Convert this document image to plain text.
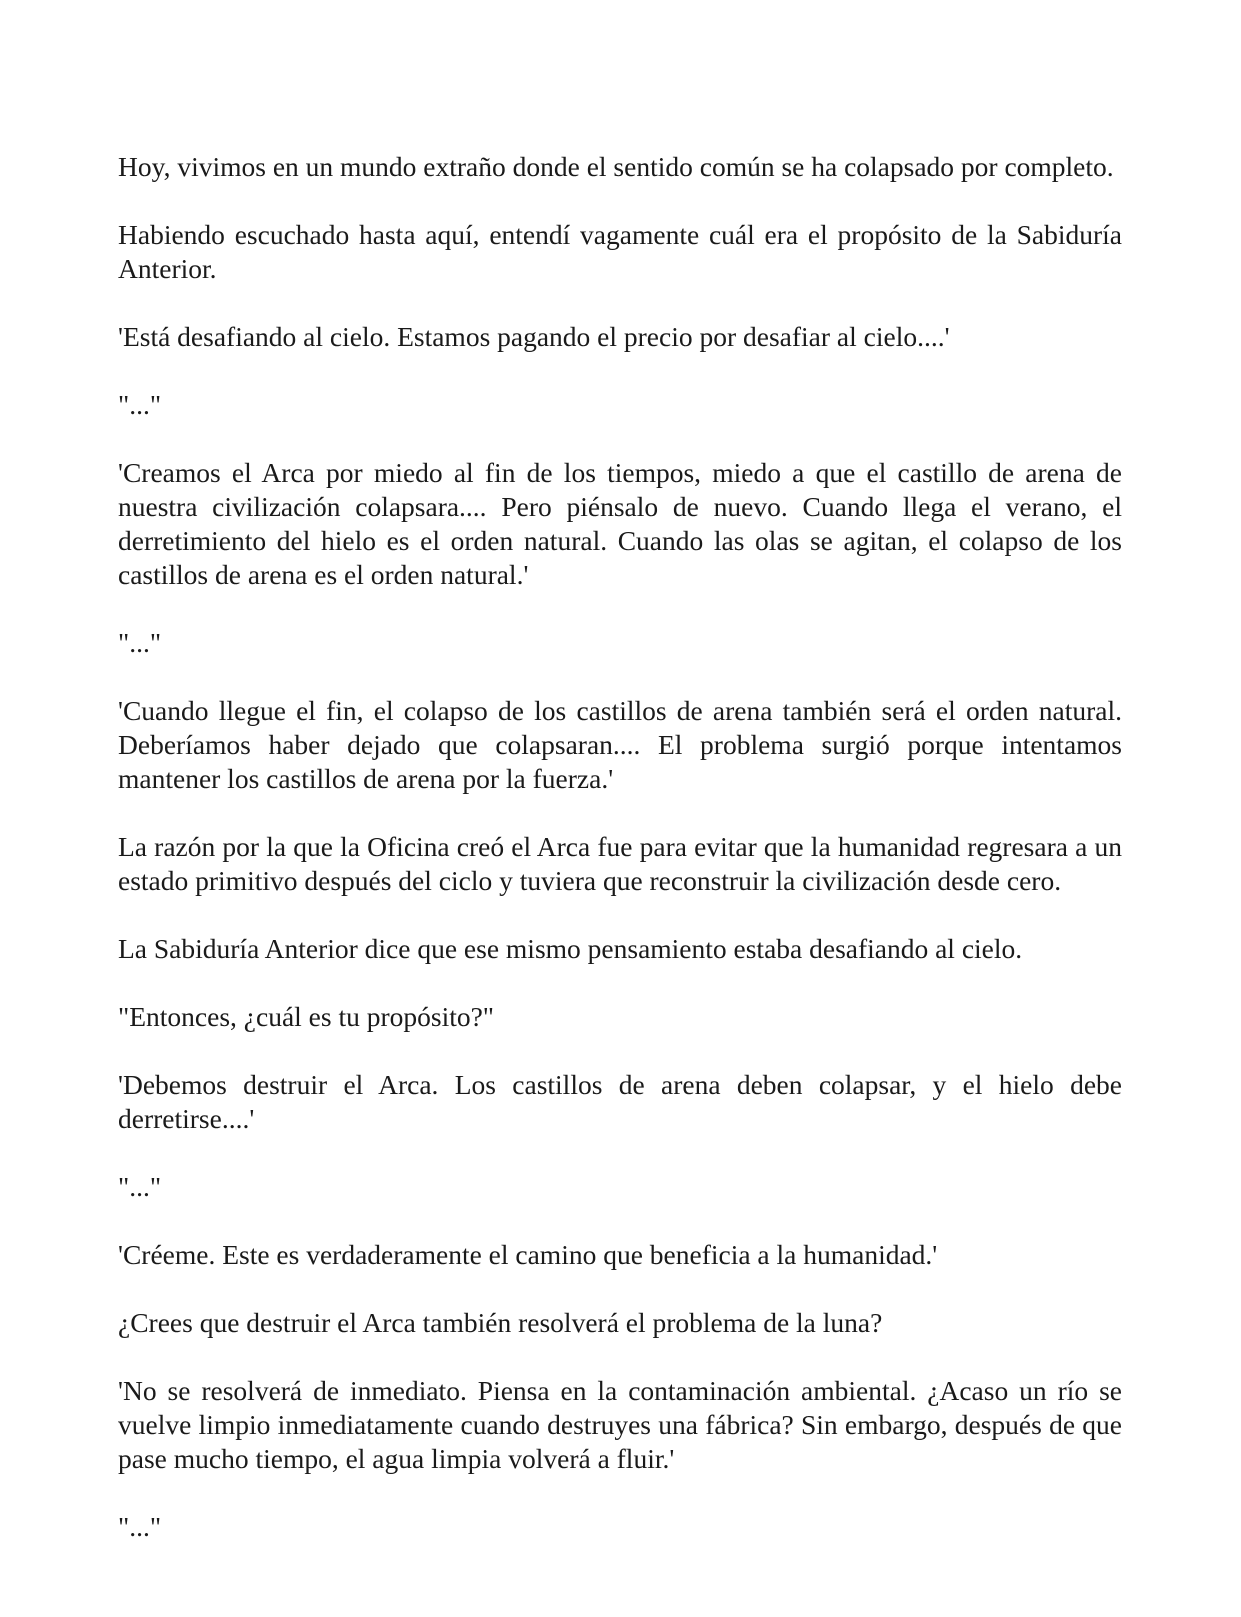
Hoy, vivimos en un mundo extraño donde el sentido común se ha colapsado por completo.

Habiendo escuchado hasta aquí, entendí vagamente cuál era el propósito de la Sabiduría Anterior.

'Está desafiando al cielo. Estamos pagando el precio por desafiar al cielo....'

"..."

'Creamos el Arca por miedo al fin de los tiempos, miedo a que el castillo de arena de nuestra civilización colapsara.... Pero piénsalo de nuevo. Cuando llega el verano, el derretimiento del hielo es el orden natural. Cuando las olas se agitan, el colapso de los castillos de arena es el orden natural.'

"..."

'Cuando llegue el fin, el colapso de los castillos de arena también será el orden natural. Deberíamos haber dejado que colapsaran.... El problema surgió porque intentamos mantener los castillos de arena por la fuerza.'

La razón por la que la Oficina creó el Arca fue para evitar que la humanidad regresara a un estado primitivo después del ciclo y tuviera que reconstruir la civilización desde cero.

La Sabiduría Anterior dice que ese mismo pensamiento estaba desafiando al cielo.

"Entonces, ¿cuál es tu propósito?"

'Debemos destruir el Arca. Los castillos de arena deben colapsar, y el hielo debe derretirse....'

"..."

'Créeme. Este es verdaderamente el camino que beneficia a la humanidad.'

¿Crees que destruir el Arca también resolverá el problema de la luna?

'No se resolverá de inmediato. Piensa en la contaminación ambiental. ¿Acaso un río se vuelve limpio inmediatamente cuando destruyes una fábrica? Sin embargo, después de que pase mucho tiempo, el agua limpia volverá a fluir.'

"..."
